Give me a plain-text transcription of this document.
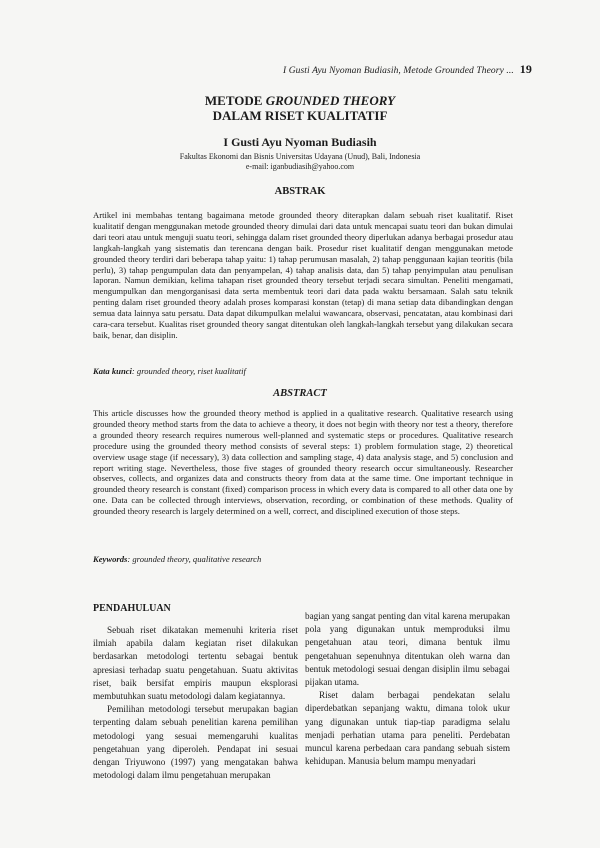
I Gusti Ayu Nyoman Budiasih, Metode Grounded Theory ... 19
METODE GROUNDED THEORY
DALAM RISET KUALITATIF
I Gusti Ayu Nyoman Budiasih
Fakultas Ekonomi dan Bisnis Universitas Udayana (Unud), Bali, Indonesia
e-mail: iganbudiasih@yahoo.com
ABSTRAK

Artikel ini membahas tentang bagaimana metode grounded theory diterapkan dalam sebuah riset kualitatif. Riset kualitatif dengan menggunakan metode grounded theory dimulai dari data untuk mencapai suatu teori dan bukan dimulai dari teori atau untuk menguji suatu teori, sehingga dalam riset grounded theory diperlukan adanya berbagai prosedur atau langkah-langkah yang sistematis dan terencana dengan baik. Prosedur riset kualitatif dengan menggunakan metode grounded theory terdiri dari beberapa tahap yaitu: 1) tahap perumusan masalah, 2) tahap penggunaan kajian teoritis (bila perlu), 3) tahap pengumpulan data dan penyampelan, 4) tahap analisis data, dan 5) tahap penyimpulan atau penulisan laporan. Namun demikian, kelima tahapan riset grounded theory tersebut terjadi secara simultan. Peneliti mengamati, mengumpulkan dan mengorganisasi data serta membentuk teori dari data pada waktu bersamaan. Salah satu teknik penting dalam riset grounded theory adalah proses komparasi konstan (tetap) di mana setiap data dibandingkan dengan semua data lainnya satu persatu. Data dapat dikumpulkan melalui wawancara, observasi, pencatatan, atau kombinasi dari cara-cara tersebut. Kualitas riset grounded theory sangat ditentukan oleh langkah-langkah tersebut yang dilakukan secara baik, benar, dan disiplin.

Kata kunci: grounded theory, riset kualitatif
ABSTRACT

This article discusses how the grounded theory method is applied in a qualitative research. Qualitative research using grounded theory method starts from the data to achieve a theory, it does not begin with theory nor test a theory, therefore a grounded theory research requires numerous well-planned and systematic steps or procedures. Qualitative research procedure using the grounded theory method consists of several steps: 1) problem formulation stage, 2) theoretical overview usage stage (if necessary), 3) data collection and sampling stage, 4) data analysis stage, and 5) conclusion and report writing stage. Nevertheless, those five stages of grounded theory research occur simultaneously. Researcher observes, collects, and organizes data and constructs theory from data at the same time. One important technique in grounded theory research is constant (fixed) comparison process in which every data is compared to all other data one by one. Data can be collected through interviews, observation, recording, or combination of these methods. Quality of grounded theory research is largely determined on a well, correct, and disciplined execution of those steps.

Keywords: grounded theory, qualitative research
PENDAHULUAN

Sebuah riset dikatakan memenuhi kriteria riset ilmiah apabila dalam kegiatan riset dilakukan berdasarkan metodologi tertentu sebagai bentuk apresiasi terhadap suatu pengetahuan. Suatu aktivitas riset, baik bersifat empiris maupun eksplorasi membutuhkan suatu metodologi dalam kegiatannya.

Pemilihan metodologi tersebut merupakan bagian terpenting dalam sebuah penelitian karena pemilihan metodologi yang sesuai memengaruhi kualitas pengetahuan yang diperoleh. Pendapat ini sesuai dengan Triyuwono (1997) yang mengatakan bahwa metodologi dalam ilmu pengetahuan merupakan

bagian yang sangat penting dan vital karena merupakan pola yang digunakan untuk memproduksi ilmu pengetahuan atau teori, dimana bentuk ilmu pengetahuan sepenuhnya ditentukan oleh warna dan bentuk metodologi sesuai dengan disiplin ilmu sebagai pijakan utama.

Riset dalam berbagai pendekatan selalu diperdebatkan sepanjang waktu, dimana tolok ukur yang digunakan untuk tiap-tiap paradigma selalu menjadi perhatian utama para peneliti. Perdebatan muncul karena perbedaan cara pandang sebuah sistem kehidupan. Manusia belum mampu menyadari
